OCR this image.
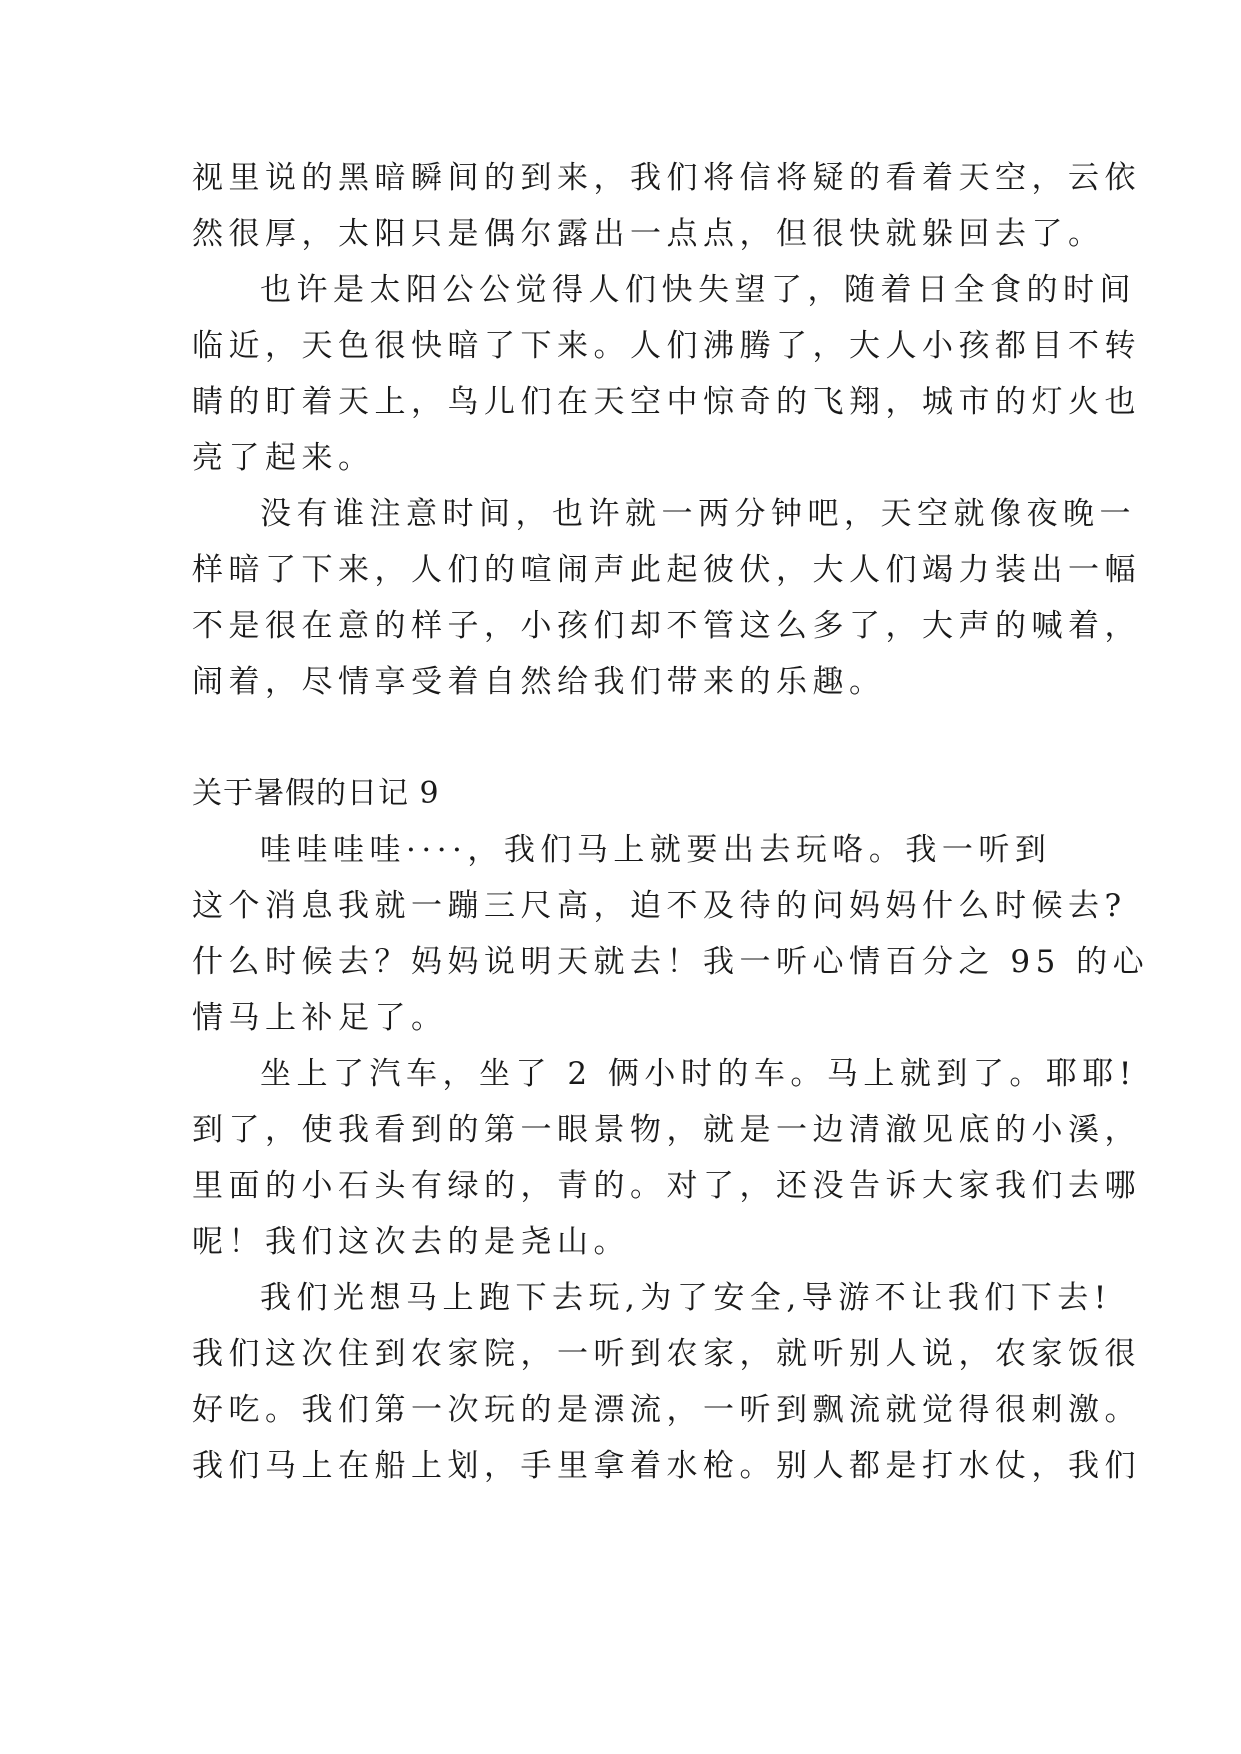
视里说的黑暗瞬间的到来，我们将信将疑的看着天空，云依
然很厚，太阳只是偶尔露出一点点，但很快就躲回去了。
也许是太阳公公觉得人们快失望了，随着日全食的时间
临近，天色很快暗了下来。人们沸腾了，大人小孩都目不转
睛的盯着天上，鸟儿们在天空中惊奇的飞翔，城市的灯火也
亮了起来。
没有谁注意时间，也许就一两分钟吧，天空就像夜晚一
样暗了下来，人们的喧闹声此起彼伏，大人们竭力装出一幅
不是很在意的样子，小孩们却不管这么多了，大声的喊着，
闹着，尽情享受着自然给我们带来的乐趣。
关于暑假的日记 9
哇哇哇哇····，我们马上就要出去玩咯。我一听到
这个消息我就一蹦三尺高，迫不及待的问妈妈什么时候去?
什么时候去？妈妈说明天就去！我一听心情百分之 95 的心
情马上补足了。
坐上了汽车，坐了 2 俩小时的车。马上就到了。耶耶!
到了，使我看到的第一眼景物，就是一边清澈见底的小溪，
里面的小石头有绿的，青的。对了，还没告诉大家我们去哪
呢！我们这次去的是尧山。
我们光想马上跑下去玩,为了安全,导游不让我们下去!
我们这次住到农家院，一听到农家，就听别人说，农家饭很
好吃。我们第一次玩的是漂流，一听到飘流就觉得很刺激。
我们马上在船上划，手里拿着水枪。别人都是打水仗，我们
